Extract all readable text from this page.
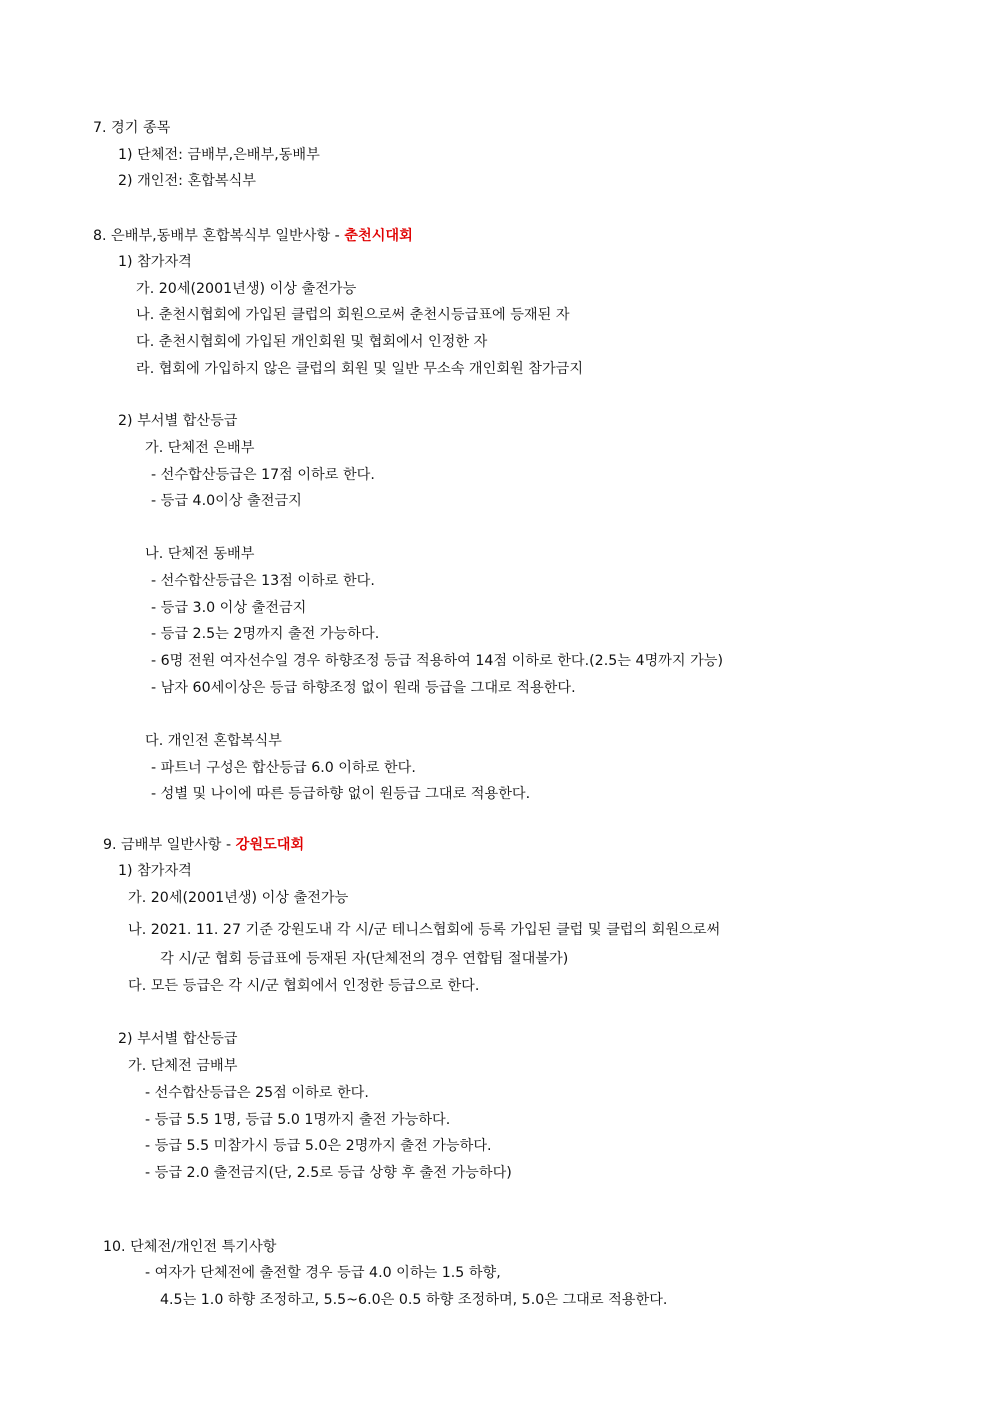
7. 경기 종목
1) 단체전: 금배부,은배부,동배부
2) 개인전: 혼합복식부
8. 은배부,동배부 혼합복식부 일반사항 - 춘천시대회
1) 참가자격
가. 20세(2001년생) 이상 출전가능
나. 춘천시협회에 가입된 클럽의 회원으로써 춘천시등급표에 등재된 자
다. 춘천시협회에 가입된 개인회원 및 협회에서 인정한 자
라. 협회에 가입하지 않은 클럽의 회원 및 일반 무소속 개인회원 참가금지
2) 부서별 합산등급
가. 단체전 은배부
- 선수합산등급은 17점 이하로 한다.
- 등급 4.0이상 출전금지
나. 단체전 동배부
- 선수합산등급은 13점 이하로 한다.
- 등급 3.0 이상 출전금지
- 등급 2.5는 2명까지 출전 가능하다.
- 6명 전원 여자선수일 경우 하향조정 등급 적용하여 14점 이하로 한다.(2.5는 4명까지 가능)
- 남자 60세이상은 등급 하향조정 없이 원래 등급을 그대로 적용한다.
다. 개인전 혼합복식부
- 파트너 구성은 합산등급 6.0 이하로 한다.
- 성별 및 나이에 따른 등급하향 없이 원등급 그대로 적용한다.
9. 금배부 일반사항 - 강원도대회
1) 참가자격
가. 20세(2001년생) 이상 출전가능
나. 2021. 11. 27 기준 강원도내 각 시/군 테니스협회에 등록 가입된 클럽 및 클럽의 회원으로써
각 시/군 협회 등급표에 등재된 자(단체전의 경우 연합팀 절대불가)
다. 모든 등급은 각 시/군 협회에서 인정한 등급으로 한다.
2) 부서별 합산등급
가. 단체전 금배부
- 선수합산등급은 25점 이하로 한다.
- 등급 5.5 1명, 등급 5.0 1명까지 출전 가능하다.
- 등급 5.5 미참가시 등급 5.0은 2명까지 출전 가능하다.
- 등급 2.0 출전금지(단, 2.5로 등급 상향 후 출전 가능하다)
10. 단체전/개인전 특기사항
- 여자가 단체전에 출전할 경우 등급 4.0 이하는 1.5 하향,
4.5는 1.0 하향 조정하고, 5.5~6.0은 0.5 하향 조정하며, 5.0은 그대로 적용한다.
